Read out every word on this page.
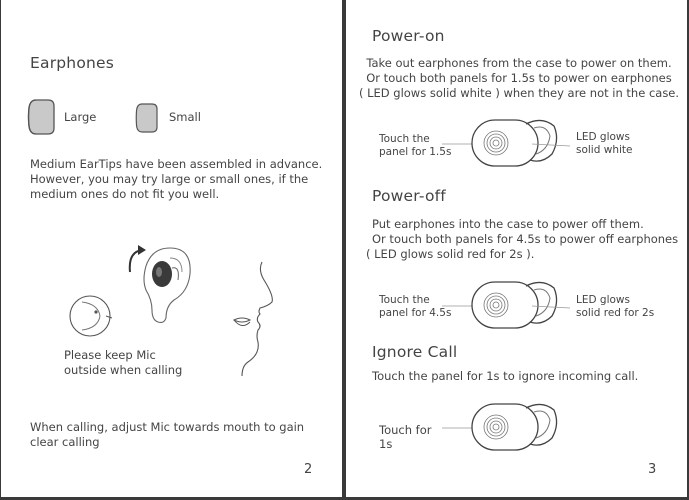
Earphones
Large	Small
Medium EarTips have been assembled in advance.
However, you may try large or small ones, if the
medium ones do not fit you well.
Please keep Mic
outside when calling
When calling, adjust Mic towards mouth to gain
clear calling
2
Power-on
Take out earphones from the case to power on them.
Or touch both panels for 1.5s to power on earphones
( LED glows solid white ) when they are not in the case.
Touch the
panel for 1.5s
LED glows
solid white
Power-off
Put earphones into the case to power off them.
Or touch both panels for 4.5s to power off earphones
( LED glows solid red for 2s ).
Touch the
panel for 4.5s
LED glows
solid red for 2s
Ignore Call
Touch the panel for 1s to ignore incoming call.
Touch for
1s
3
